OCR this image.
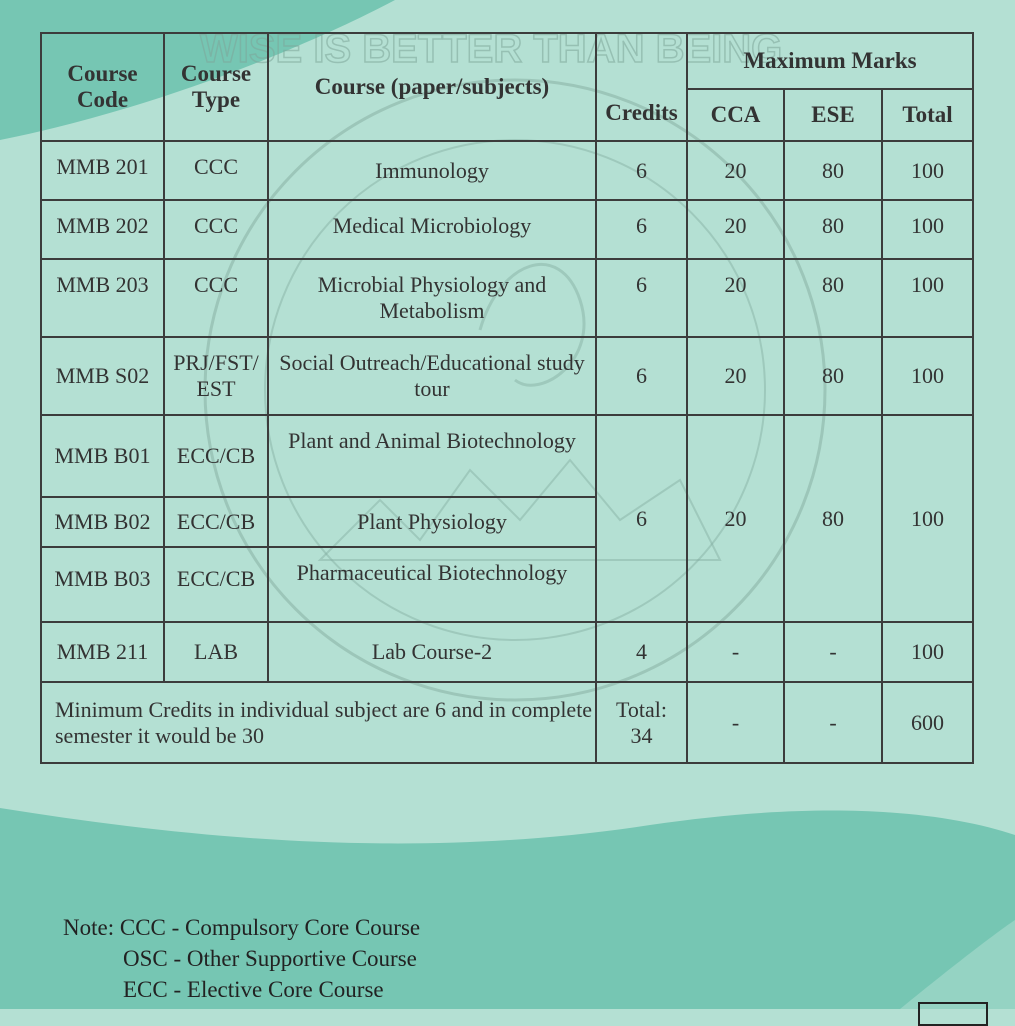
WISE IS BETTER THAN BEING
Course Code	Course Type	Course (paper/subjects)	Credits	Maximum Marks		
				CCA	ESE	Total
MMB 201	CCC	Immunology	6	20	80	100
MMB 202	CCC	Medical Microbiology	6	20	80	100
MMB 203	CCC	Microbial Physiology and Metabolism	6	20	80	100
MMB S02	PRJ/FST/ EST	Social Outreach/Educational study tour	6	20	80	100
MMB B01	ECC/CB	Plant and Animal Biotechnology	6	20	80	100
MMB B02	ECC/CB	Plant Physiology				
MMB B03	ECC/CB	Pharmaceutical Biotechnology				
MMB 211	LAB	Lab Course-2	4	-	-	100
Minimum Credits in individual subject are 6 and in complete semester it would be 30			Total: 34	-	-	600
Note: CCC - Compulsory Core Course
OSC - Other Supportive Course
ECC - Elective Core Course
